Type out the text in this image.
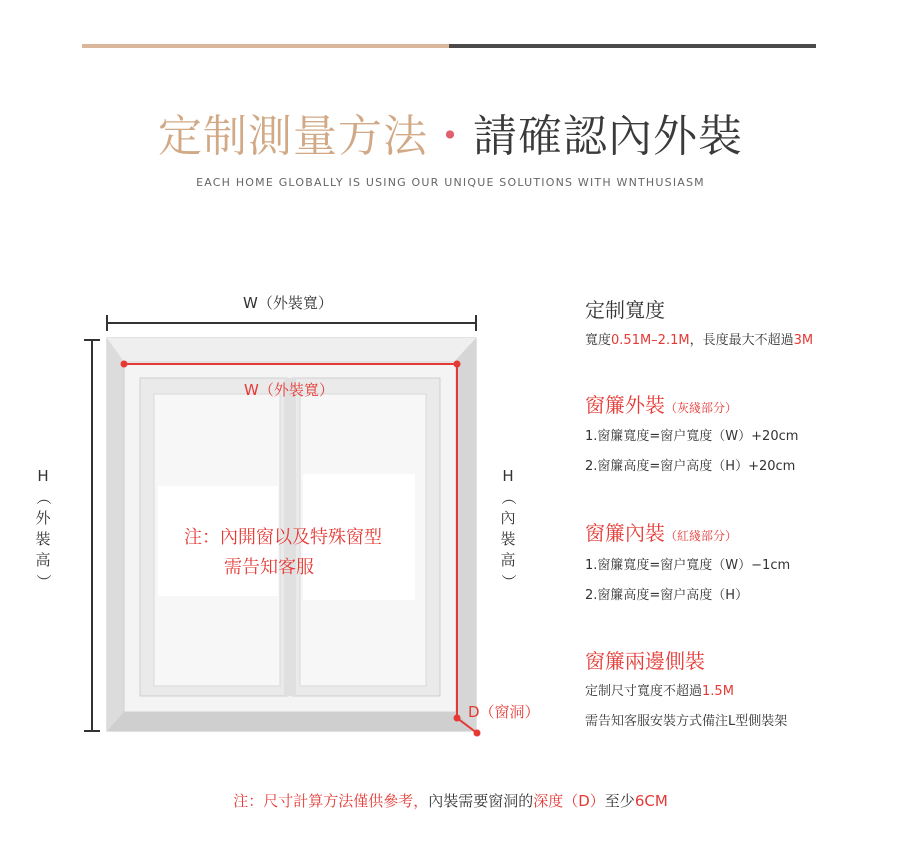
定制測量方法・請確認內外裝
EACH HOME GLOBALLY IS USING OUR UNIQUE SOLUTIONS WITH WNTHUSIASM
W（外裝寬）
W（外裝寬）
H
（
外
裝
高
）
H
（
內
裝
高
）
注：內開窗以及特殊窗型
需告知客服
D（窗洞）
定制寬度
寬度0.51M–2.1M，長度最大不超過3M
窗簾外裝（灰綫部分）
1.窗簾寬度=窗户寬度（W）+20cm
2.窗簾高度=窗户高度（H）+20cm
窗簾內裝（紅綫部分）
1.窗簾寬度=窗户寬度（W）−1cm
2.窗簾高度=窗户高度（H）
窗簾兩邊側裝
定制尺寸寬度不超過1.5M
需告知客服安裝方式備注L型側裝架
注：尺寸計算方法僅供參考，內裝需要窗洞的深度（D）至少6CM
